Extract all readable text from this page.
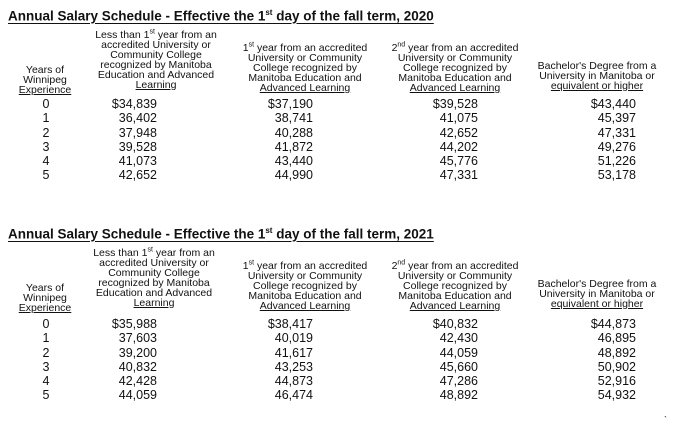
Annual Salary Schedule - Effective the 1st day of the fall term, 2020
Years of
Winnipeg
Experience
Less than 1st year from an
accredited University or
Community College
recognized by Manitoba
Education and Advanced
Learning
1st year from an accredited
University or Community
College recognized by
Manitoba Education and
Advanced Learning
2nd year from an accredited
University or Community
College recognized by
Manitoba Education and
Advanced Learning
Bachelor's Degree from a
University in Manitoba or
equivalent or higher
0
1
2
3
4
5
$34,839
36,402
37,948
39,528
41,073
42,652
$37,190
38,741
40,288
41,872
43,440
44,990
$39,528
41,075
42,652
44,202
45,776
47,331
$43,440
45,397
47,331
49,276
51,226
53,178
Annual Salary Schedule - Effective the 1st day of the fall term, 2021
Years of
Winnipeg
Experience
Less than 1st year from an
accredited University or
Community College
recognized by Manitoba
Education and Advanced
Learning
1st year from an accredited
University or Community
College recognized by
Manitoba Education and
Advanced Learning
2nd year from an accredited
University or Community
College recognized by
Manitoba Education and
Advanced Learning
Bachelor's Degree from a
University in Manitoba or
equivalent or higher
0
1
2
3
4
5
$35,988
37,603
39,200
40,832
42,428
44,059
$38,417
40,019
41,617
43,253
44,873
46,474
$40,832
42,430
44,059
45,660
47,286
48,892
$44,873
46,895
48,892
50,902
52,916
54,932
`
